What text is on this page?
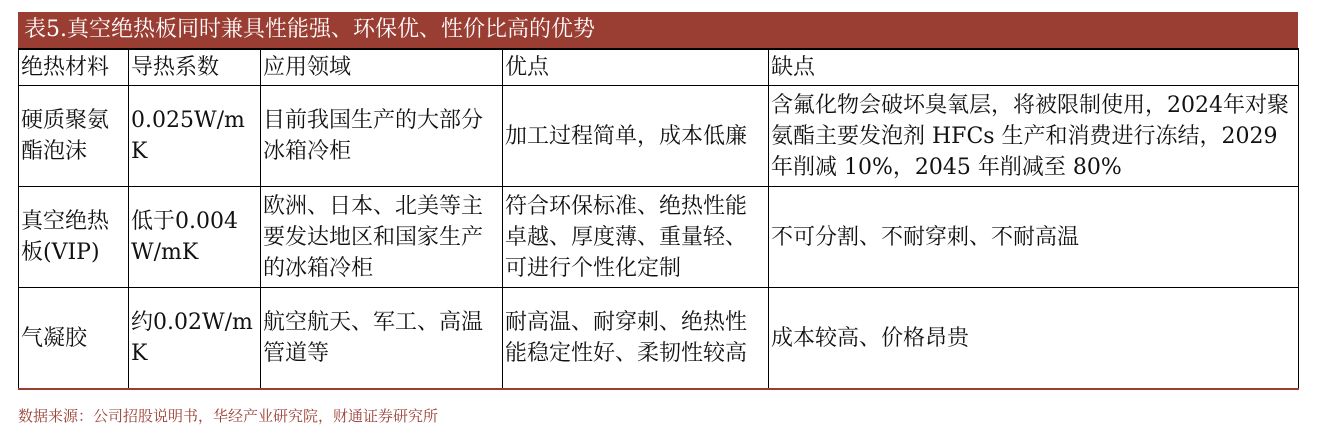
表5.真空绝热板同时兼具性能强、环保优、性价比高的优势
绝热材料	导热系数	应用领域	优点	缺点
硬质聚氨酯泡沫	0.025W/mK	目前我国生产的大部分冰箱冷柜	加工过程简单，成本低廉	含氟化物会破坏臭氧层，将被限制使用，2024年对聚氨酯主要发泡剂 HFCs 生产和消费进行冻结，2029 年削减 10%，2045 年削减至 80%
真空绝热板(VIP)	低于0.004W/mK	欧洲、日本、北美等主要发达地区和国家生产的冰箱冷柜	符合环保标准、绝热性能卓越、厚度薄、重量轻、可进行个性化定制	不可分割、不耐穿刺、不耐高温
气凝胶	约0.02W/mK	航空航天、军工、高温管道等	耐高温、耐穿刺、绝热性能稳定性好、柔韧性较高	成本较高、价格昂贵
数据来源：公司招股说明书，华经产业研究院，财通证券研究所
